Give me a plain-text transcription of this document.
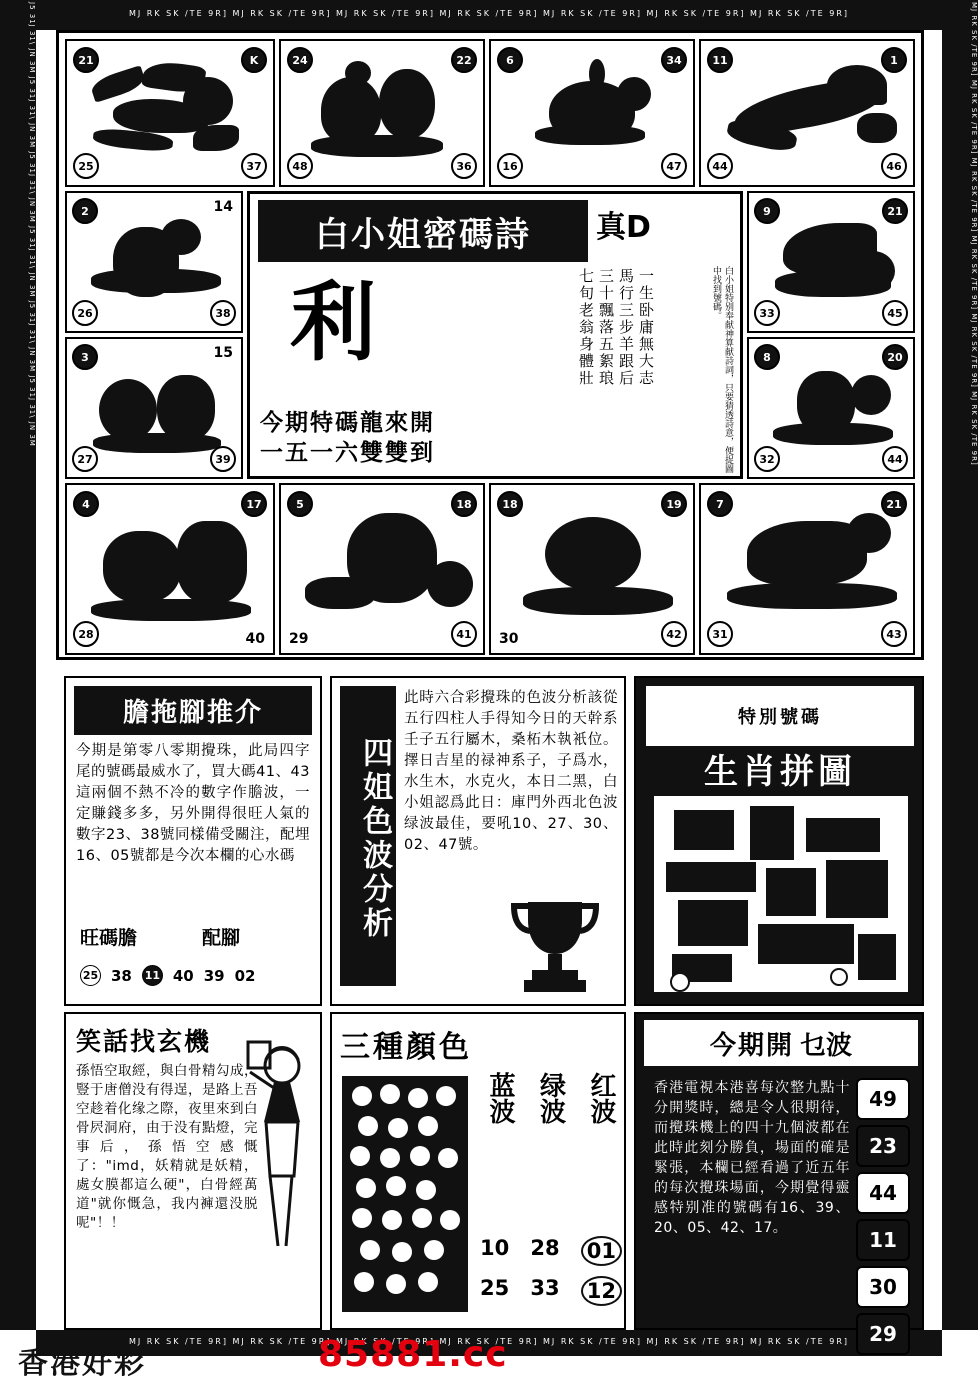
MJ RK SK /TE 9R] MJ RK SK /TE 9R] MJ RK SK /TE 9R] MJ RK SK /TE 9R] MJ RK SK /TE 9R] MJ RK SK /TE 9R] MJ RK SK /TE 9R]
MJ RK SK /TE 9R] MJ RK SK /TE 9R] MJ RK SK /TE 9R] MJ RK SK /TE 9R] MJ RK SK /TE 9R] MJ RK SK /TE 9R] MJ RK SK /TE 9R]
J5 31J 31\ JN 3M J5 31J 31\ JN 3M J5 31J 31\ JN 3M J5 31J 31\ JN 3M J5 31J 31\ JN 3M J5 31J 31\ JN 3M	MJ RK SK /TE 9R] MJ RK SK /TE 9R] MJ RK SK /TE 9R] MJ RK SK /TE 9R] MJ RK SK /TE 9R] MJ RK SK /TE 9R]
21	K
25	37
24	22
48	36
6	34
16	47
11	1
44	46
2	14
26	38
3	15
27	39
9	21
33	45
8	20
32	44
白小姐密碼詩	真D
利	一生卧庸無大志
馬行三步羊跟后
三十飄落五絮琅
七旬老翁身體壯	白小姐特别奉献神算献詩詞，只要猜透詩意，便捉圖中找到號碼。
今期特碼龍來開
一五一六雙雙到
4	17
28	40
5	18
29	41
18	19
30	42
7	21
31	43
膽拖腳推介
今期是第零八零期攪珠，此局四字尾的號碼最威水了，買大碼41、43這兩個不熱不冷的數字作膽波，一定賺錢多多，另外開得很旺人氣的數字23、38號同樣備受關注，配埋16、05號都是今次本欄的心水碼
旺碼膽	配腳
25 38 11 40 39 02
四姐色波分析
此時六合彩攪珠的色波分析該從五行四柱人手得知今日的天幹系壬子五行屬木，桑柘木執衹位。擇日吉星的禄神系子，子爲水，水生木，水克火，本日二黑，白小姐認爲此日：庫門外西北色波绿波最佳，要吼10、27、30、02、47號。
特別號碼
生肖拼圖
笑話找玄機
孫悟空取經，與白骨精勾成，豎于唐僧没有得逞，是路上吾空趁着化缘之際，夜里來到白骨屄洞府，由于没有點燈，完事后，孫悟空感慨了："imd，妖精就是妖精，處女膜都這么硬"，白骨經萬道"就你慨急，我内褲還没脱呢"！！
三種顏色
蓝波 绿波 红波
10 28 01
25 33 12
今期開 乜波
香港電視本港喜每次整九點十分開獎時，總是令人很期待，而攪珠機上的四十九個波都在此時此刻分勝負，場面的確是緊張，本欄已經看過了近五年的每次攪珠場面，今期覺得靈感特别准的號碼有16、39、20、05、42、17。
49
23
44
11
30
29
香港好彩	85881.cc
